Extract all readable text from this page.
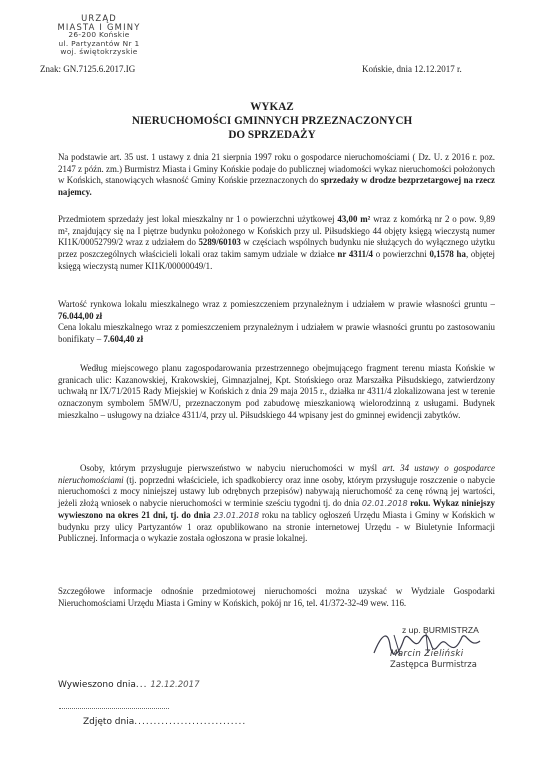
URZĄD
MIASTA I GMINY
26-200 Końskie
ul. Partyzantów Nr 1
woj. świętokrzyskie
Znak: GN.7125.6.2017.IG	Końskie, dnia 12.12.2017 r.
WYKAZ
NIERUCHOMOŚCI GMINNYCH PRZEZNACZONYCH
DO SPRZEDAŻY
Na podstawie art. 35 ust. 1 ustawy z dnia 21 sierpnia 1997 roku o gospodarce nieruchomościami ( Dz. U. z 2016 r. poz. 2147 z późn. zm.) Burmistrz Miasta i Gminy Końskie podaje do publicznej wiadomości wykaz nieruchomości położonych w Końskich, stanowiących własność Gminy Końskie przeznaczonych do sprzedaży w drodze bezprzetargowej na rzecz najemcy.
Przedmiotem sprzedaży jest lokal mieszkalny nr 1 o powierzchni użytkowej 43,00 m² wraz z komórką nr 2 o pow. 9,89 m², znajdujący się na I piętrze budynku położonego w Końskich przy ul. Piłsudskiego 44 objęty księgą wieczystą numer KI1K/00052799/2 wraz z udziałem do 5289/60103 w częściach wspólnych budynku nie służących do wyłącznego użytku przez poszczególnych właścicieli lokali oraz takim samym udziale w działce nr 4311/4 o powierzchni 0,1578 ha, objętej księgą wieczystą numer KI1K/00000049/1.
Wartość rynkowa lokalu mieszkalnego wraz z pomieszczeniem przynależnym i udziałem w prawie własności gruntu – 76.044,00 zł
Cena lokalu mieszkalnego wraz z pomieszczeniem przynależnym i udziałem w prawie własności gruntu po zastosowaniu bonifikaty – 7.604,40 zł
Według miejscowego planu zagospodarowania przestrzennego obejmującego fragment terenu miasta Końskie w granicach ulic: Kazanowskiej, Krakowskiej, Gimnazjalnej, Kpt. Stońskiego oraz Marszałka Piłsudskiego, zatwierdzony uchwałą nr IX/71/2015 Rady Miejskiej w Końskich z dnia 29 maja 2015 r., działka nr 4311/4 zlokalizowana jest w terenie oznaczonym symbolem 5MW/U, przeznaczonym pod zabudowę mieszkaniową wielorodzinną z usługami. Budynek mieszkalno – usługowy na działce 4311/4, przy ul. Piłsudskiego 44 wpisany jest do gminnej ewidencji zabytków.
Osoby, którym przysługuje pierwszeństwo w nabyciu nieruchomości w myśl art. 34 ustawy o gospodarce nieruchomościami (tj. poprzedni właściciele, ich spadkobiercy oraz inne osoby, którym przysługuje roszczenie o nabycie nieruchomości z mocy niniejszej ustawy lub odrębnych przepisów) nabywają nieruchomość za cenę równą jej wartości, jeżeli złożą wniosek o nabycie nieruchomości w terminie sześciu tygodni tj. do dnia 02.01.2018 roku. Wykaz niniejszy wywieszono na okres 21 dni, tj. do dnia 23.01.2018 roku na tablicy ogłoszeń Urzędu Miasta i Gminy w Końskich w budynku przy ulicy Partyzantów 1 oraz opublikowano na stronie internetowej Urzędu - w Biuletynie Informacji Publicznej. Informacja o wykazie została ogłoszona w prasie lokalnej.
Szczegółowe informacje odnośnie przedmiotowej nieruchomości można uzyskać w Wydziale Gospodarki Nieruchomościami Urzędu Miasta i Gminy w Końskich, pokój nr 16, tel. 41/372-32-49 wew. 116.
z up. BURMISTRZA
Marcin Zieliński
Zastępca Burmistrza
Wywieszono dnia... 12.12.2017
Zdjęto dnia.............................
